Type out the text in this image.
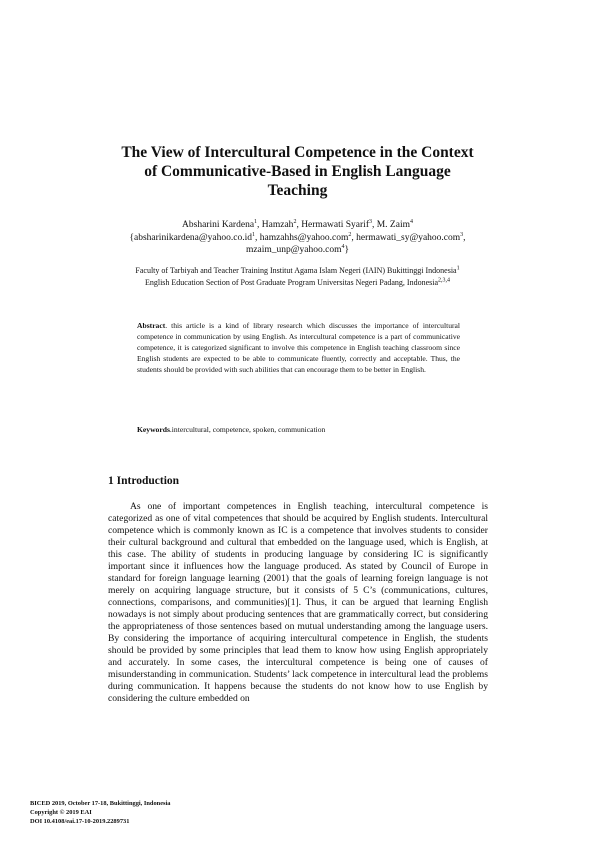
The View of Intercultural Competence in the Context
of Communicative-Based in English Language
Teaching
Absharini Kardena$^1$, Hamzah$^2$, Hermawati Syarif$^3$, M. Zaim$^4$
{$absharinikardena@yahoo.co.id^1$, hamzahhs@yahoo.com$^2$, hermawati_sy@yahoo.com$^3$,
mzaim_unp@yahoo.com$^4$}
Faculty of Tarbiyah and Teacher Training Institut Agama Islam Negeri (IAIN) Bukittinggi Indonesia$^1$
English Education Section of Post Graduate Program Universitas Negeri Padang, Indonesia$^{2,3,4}$
Abstract. this article is a kind of library research which discusses the importance of intercultural competence in communication by using English. As intercultural competence is a part of communicative competence, it is categorized significant to involve this competence in English teaching classroom since English students are expected to be able to communicate fluently, correctly and acceptable. Thus, the students should be provided with such abilities that can encourage them to be better in English.
Keywords.intercultural, competence, spoken, communication
1 Introduction

As one of important competences in English teaching, intercultural competence is categorized as one of vital competences that should be acquired by English students. Intercultural competence which is commonly known as IC is a competence that involves students to consider their cultural background and cultural that embedded on the language used, which is English, at this case. The ability of students in producing language by considering IC is significantly important since it influences how the language produced. As stated by Council of Europe in standard for foreign language learning (2001) that the goals of learning foreign language is not merely on acquiring language structure, but it consists of 5 C’s (communications, cultures, connections, comparisons, and communities)[1]. Thus, it can be argued that learning English nowadays is not simply about producing sentences that are grammatically correct, but considering the appropriateness of those sentences based on mutual understanding among the language users. By considering the importance of acquiring intercultural competence in English, the students should be provided by some principles that lead them to know how using English appropriately and accurately. In some cases, the intercultural competence is being one of causes of misunderstanding in communication. Students’ lack competence in intercultural lead the problems during communication. It happens because the students do not know how to use English by considering the culture embedded on

BICED 2019, October 17-18, Bukittinggi, Indonesia
Copyright © 2019 EAI
DOI 10.4108/eai.17-10-2019.2289731
